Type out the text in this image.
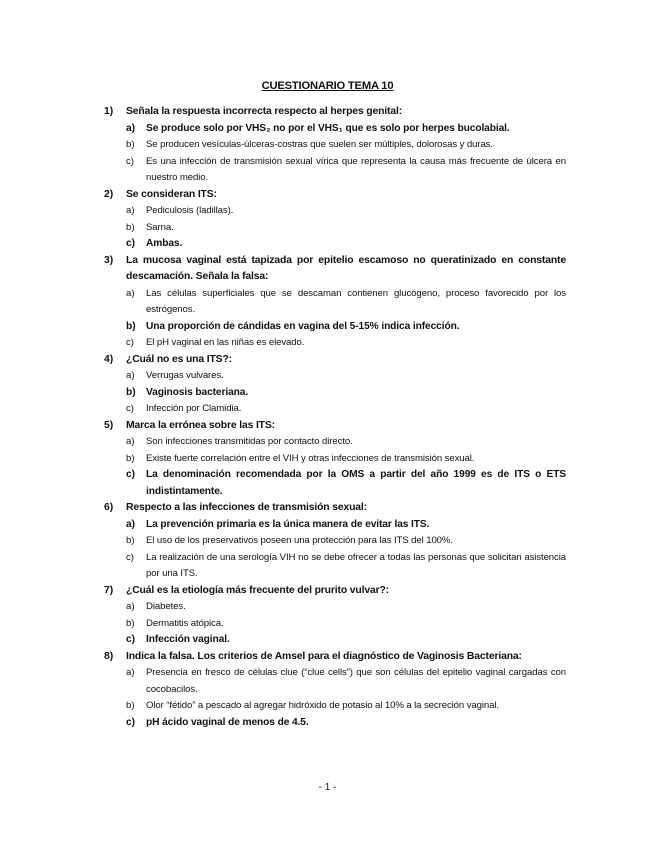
CUESTIONARIO TEMA 10
1) Señala la respuesta incorrecta respecto al herpes genital:
a) Se produce solo por VHS₂ no por el VHS₁ que es solo por herpes bucolabial.
b) Se producen vesículas-úlceras-costras que suelen ser múltiples, dolorosas y duras.
c) Es una infección de transmisión sexual vírica que representa la causa más frecuente de úlcera en nuestro medio.
2) Se consideran ITS:
a) Pediculosis (ladillas).
b) Sarna.
c) Ambas.
3) La mucosa vaginal está tapizada por epitelio escamoso no queratinizado en constante descamación. Señala la falsa:
a) Las células superficiales que se descaman contienen glucógeno, proceso favorecido por los estrógenos.
b) Una proporción de cándidas en vagina del 5-15% indica infección.
c) El pH vaginal en las niñas es elevado.
4) ¿Cuál no es una ITS?:
a) Verrugas vulvares.
b) Vaginosis bacteriana.
c) Infección por Clamidia.
5) Marca la errónea sobre las ITS:
a) Son infecciones transmitidas por contacto directo.
b) Existe fuerte correlación entre el VIH y otras infecciones de transmisión sexual.
c) La denominación recomendada por la OMS a partir del año 1999 es de ITS o ETS indistintamente.
6) Respecto a las infecciones de transmisión sexual:
a) La prevención primaria es la única manera de evitar las ITS.
b) El uso de los preservativos poseen una protección para las ITS del 100%.
c) La realización de una serología VIH no se debe ofrecer a todas las personas que solicitan asistencia por una ITS.
7) ¿Cuál es la etiología más frecuente del prurito vulvar?:
a) Diabetes.
b) Dermatitis atópica.
c) Infección vaginal.
8) Indica la falsa. Los criterios de Amsel para el diagnóstico de Vaginosis Bacteriana:
a) Presencia en fresco de células clue (“clue cells”) que son células del epitelio vaginal cargadas con cocobacilos.
b) Olor “fétido” a pescado al agregar hidróxido de potasio al 10% a la secreción vaginal.
c) pH ácido vaginal de menos de 4.5.
- 1 -
